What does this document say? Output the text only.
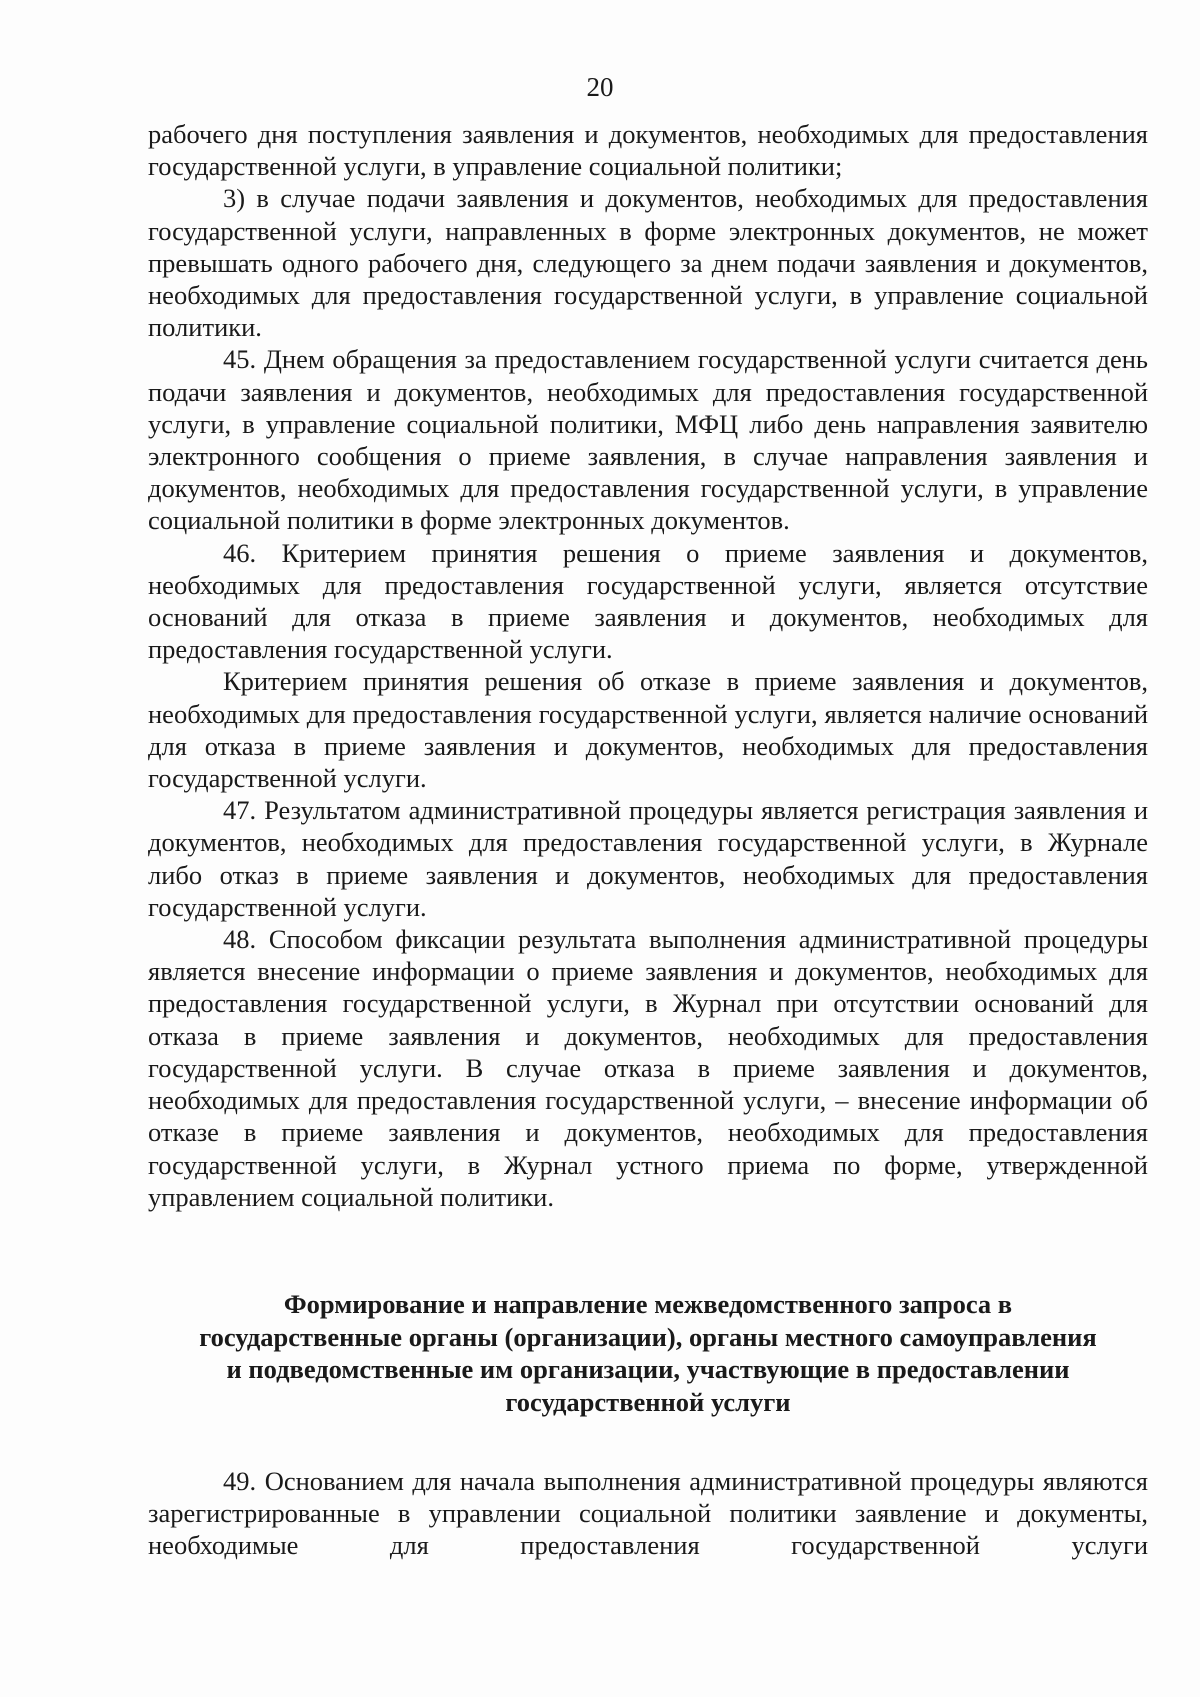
20

рабочего дня поступления заявления и документов, необходимых для предоставления государственной услуги, в управление социальной политики;

3) в случае подачи заявления и документов, необходимых для предоставления государственной услуги, направленных в форме электронных документов, не может превышать одного рабочего дня, следующего за днем подачи заявления и документов, необходимых для предоставления государственной услуги, в управление социальной политики.

45. Днем обращения за предоставлением государственной услуги считается день подачи заявления и документов, необходимых для предоставления государственной услуги, в управление социальной политики, МФЦ либо день направления заявителю электронного сообщения о приеме заявления, в случае направления заявления и документов, необходимых для предоставления государственной услуги, в управление социальной политики в форме электронных документов.

46. Критерием принятия решения о приеме заявления и документов, необходимых для предоставления государственной услуги, является отсутствие оснований для отказа в приеме заявления и документов, необходимых для предоставления государственной услуги.

Критерием принятия решения об отказе в приеме заявления и документов, необходимых для предоставления государственной услуги, является наличие оснований для отказа в приеме заявления и документов, необходимых для предоставления государственной услуги.

47. Результатом административной процедуры является регистрация заявления и документов, необходимых для предоставления государственной услуги, в Журнале либо отказ в приеме заявления и документов, необходимых для предоставления государственной услуги.

48. Способом фиксации результата выполнения административной процедуры является внесение информации о приеме заявления и документов, необходимых для предоставления государственной услуги, в Журнал при отсутствии оснований для отказа в приеме заявления и документов, необходимых для предоставления государственной услуги. В случае отказа в приеме заявления и документов, необходимых для предоставления государственной услуги, – внесение информации об отказе в приеме заявления и документов, необходимых для предоставления государственной услуги, в Журнал устного приема по форме, утвержденной управлением социальной политики.

Формирование и направление межведомственного запроса в
государственные органы (организации), органы местного самоуправления
и подведомственные им организации, участвующие в предоставлении
государственной услуги

49. Основанием для начала выполнения административной процедуры являются зарегистрированные в управлении социальной политики заявление и документы, необходимые для предоставления государственной услуги
